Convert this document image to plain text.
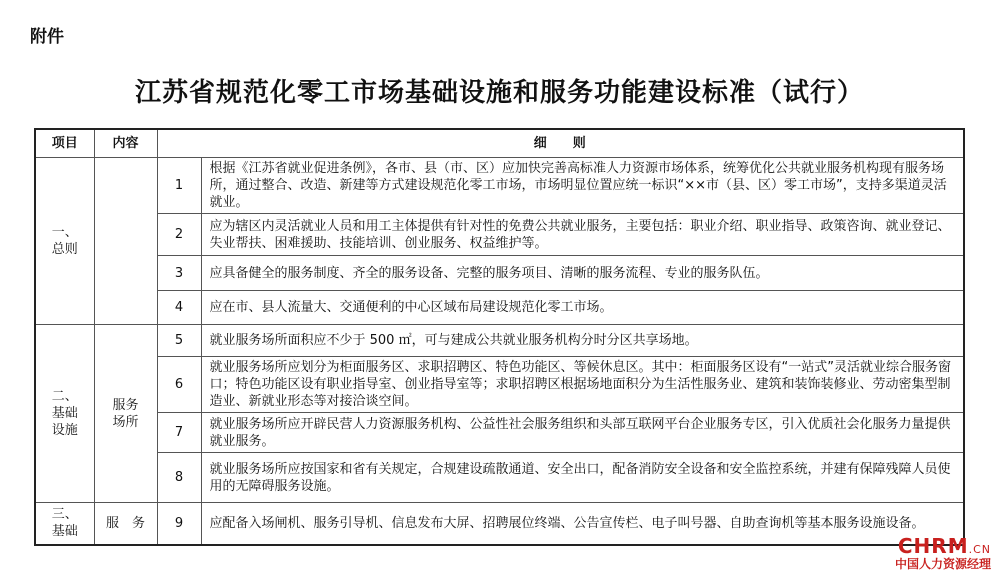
附件
江苏省规范化零工市场基础设施和服务功能建设标准（试行）
项目	内容	细则	

一、
总则		1	根据《江苏省就业促进条例》，各市、县（市、区）应加快完善高标准人力资源市场体系，统筹优化公共就业服务机构现有服务场所，通过整合、改造、新建等方式建设规范化零工市场，市场明显位置应统一标识“××市（县、区）零工市场”，支持多渠道灵活就业。
		2	应为辖区内灵活就业人员和用工主体提供有针对性的免费公共就业服务，主要包括：职业介绍、职业指导、政策咨询、就业登记、失业帮扶、困难援助、技能培训、创业服务、权益维护等。
		3	应具备健全的服务制度、齐全的服务设备、完整的服务项目、清晰的服务流程、专业的服务队伍。
		4	应在市、县人流量大、交通便利的中心区域布局建设规范化零工市场。

二、
基础设施	服务场所	5	就业服务场所面积应不少于 500 ㎡，可与建成公共就业服务机构分时分区共享场地。
		6	就业服务场所应划分为柜面服务区、求职招聘区、特色功能区、等候休息区。其中：柜面服务区设有“一站式”灵活就业综合服务窗口；特色功能区设有职业指导室、创业指导室等；求职招聘区根据场地面积分为生活性服务业、建筑和装饰装修业、劳动密集型制造业、新就业形态等对接洽谈空间。
		7	就业服务场所应开辟民营人力资源服务机构、公益性社会服务组织和头部互联网平台企业服务专区，引入优质社会化服务力量提供就业服务。
		8	就业服务场所应按国家和省有关规定，合规建设疏散通道、安全出口，配备消防安全设备和安全监控系统，并建有保障残障人员使用的无障碍服务设施。

三、
基础	服　务	9	应配备入场闸机、服务引导机、信息发布大屏、招聘展位终端、公告宣传栏、电子叫号器、自助查询机等基本服务设施设备。
CHRM.CN
中国人力资源经理
